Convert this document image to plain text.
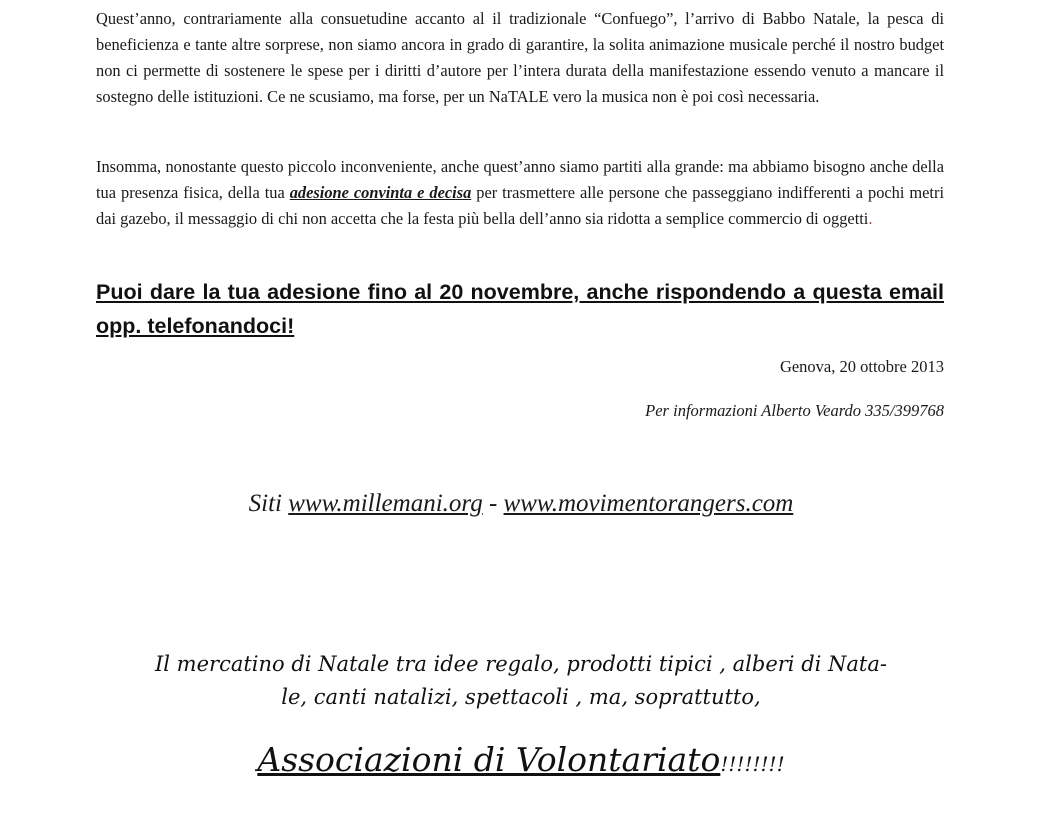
Quest’anno, contrariamente alla consuetudine accanto al il tradizionale “Confuego”, l’arrivo di Babbo Natale, la pesca di beneficienza e tante altre sorprese, non siamo ancora in grado di garantire, la solita animazione musicale perché il nostro budget non ci permette di sostenere le spese per i diritti d’autore per l’intera durata della manifestazione essendo venuto a mancare il sostegno delle istituzioni. Ce ne scusiamo, ma forse, per un NaTALE vero la musica non è poi così necessaria.

Insomma, nonostante questo piccolo inconveniente, anche quest’anno siamo partiti alla grande: ma abbiamo bisogno anche della tua presenza fisica, della tua adesione convinta e decisa per trasmettere alle persone che passeggiano indifferenti a pochi metri dai gazebo, il messaggio di chi non accetta che la festa più bella dell’anno sia ridotta a semplice commercio di oggetti.

Puoi dare la tua adesione fino al 20 novembre, anche rispondendo a questa email opp. telefonandoci!
Genova, 20 ottobre 2013
Per informazioni Alberto Veardo 335/399768
Siti www.millemani.org - www.movimentorangers.com
Il mercatino di Natale tra idee regalo, prodotti tipici , alberi di Nata-
le, canti natalizi, spettacoli , ma, soprattutto,
Associazioni di Volontariato!!!!!!!!
